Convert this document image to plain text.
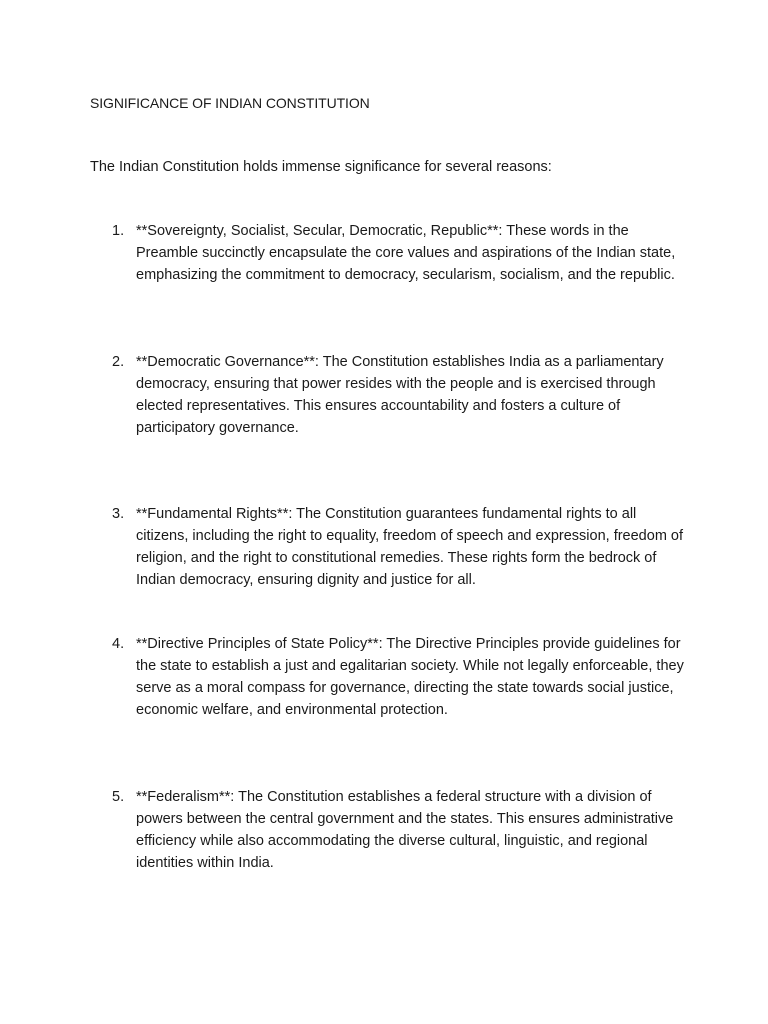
SIGNIFICANCE OF INDIAN CONSTITUTION
The Indian Constitution holds immense significance for several reasons:
1. **Sovereignty, Socialist, Secular, Democratic, Republic**: These words in the Preamble succinctly encapsulate the core values and aspirations of the Indian state, emphasizing the commitment to democracy, secularism, socialism, and the republic.
2. **Democratic Governance**: The Constitution establishes India as a parliamentary democracy, ensuring that power resides with the people and is exercised through elected representatives. This ensures accountability and fosters a culture of participatory governance.
3. **Fundamental Rights**: The Constitution guarantees fundamental rights to all citizens, including the right to equality, freedom of speech and expression, freedom of religion, and the right to constitutional remedies. These rights form the bedrock of Indian democracy, ensuring dignity and justice for all.
4. **Directive Principles of State Policy**: The Directive Principles provide guidelines for the state to establish a just and egalitarian society. While not legally enforceable, they serve as a moral compass for governance, directing the state towards social justice, economic welfare, and environmental protection.
5. **Federalism**: The Constitution establishes a federal structure with a division of powers between the central government and the states. This ensures administrative efficiency while also accommodating the diverse cultural, linguistic, and regional identities within India.
